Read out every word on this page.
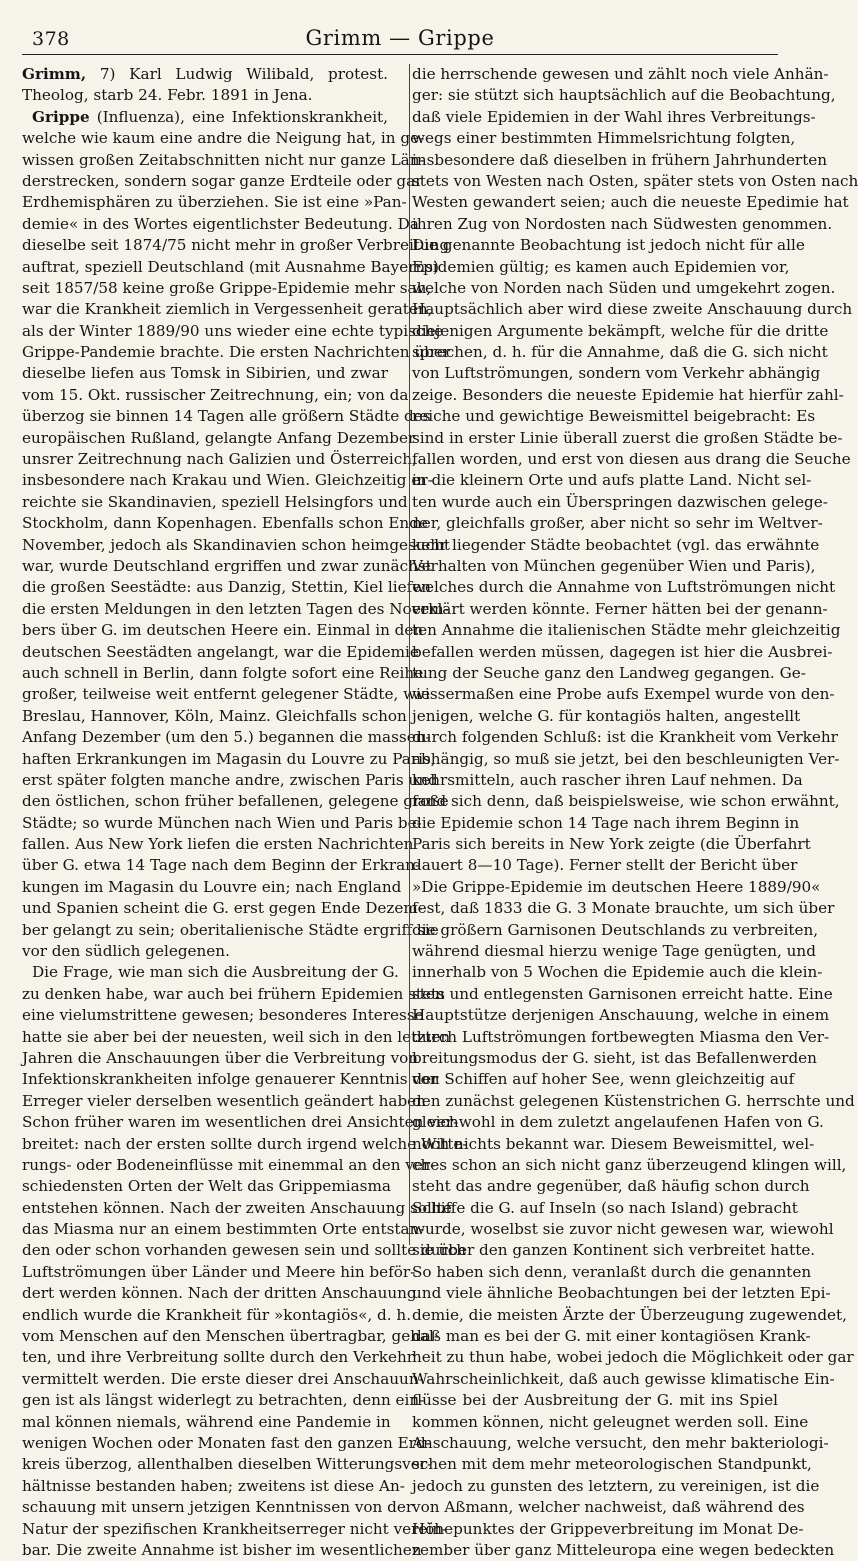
378	Grimm — Grippe
Grimm, 7) Karl Ludwig Wilibald, protest.
Theolog, starb 24. Febr. 1891 in Jena.
Grippe (Influenza), eine Infektionskrankheit,
welche wie kaum eine andre die Neigung hat, in ge-
wissen großen Zeitabschnitten nicht nur ganze Län-
derstrecken, sondern sogar ganze Erdteile oder gar
Erdhemisphären zu überziehen. Sie ist eine »Pan-
demie« in des Wortes eigentlichster Bedeutung. Da
dieselbe seit 1874/75 nicht mehr in großer Verbreitung
auftrat, speziell Deutschland (mit Ausnahme Bayerns)
seit 1857/58 keine große Grippe-Epidemie mehr sah,
war die Krankheit ziemlich in Vergessenheit geraten,
als der Winter 1889/90 uns wieder eine echte typische
Grippe-Pandemie brachte. Die ersten Nachrichten über
dieselbe liefen aus Tomsk in Sibirien, und zwar
vom 15. Okt. russischer Zeitrechnung, ein; von da
überzog sie binnen 14 Tagen alle größern Städte des
europäischen Rußland, gelangte Anfang Dezember
unsrer Zeitrechnung nach Galizien und Österreich,
insbesondere nach Krakau und Wien. Gleichzeitig er-
reichte sie Skandinavien, speziell Helsingfors und
Stockholm, dann Kopenhagen. Ebenfalls schon Ende
November, jedoch als Skandinavien schon heimgesucht
war, wurde Deutschland ergriffen und zwar zunächst
die großen Seestädte: aus Danzig, Stettin, Kiel liefen
die ersten Meldungen in den letzten Tagen des Novem-
bers über G. im deutschen Heere ein. Einmal in den
deutschen Seestädten angelangt, war die Epidemie
auch schnell in Berlin, dann folgte sofort eine Reihe
großer, teilweise weit entfernt gelegener Städte, wie
Breslau, Hannover, Köln, Mainz. Gleichfalls schon
Anfang Dezember (um den 5.) begannen die massen-
haften Erkrankungen im Magasin du Louvre zu Paris,
erst später folgten manche andre, zwischen Paris und
den östlichen, schon früher befallenen, gelegene große
Städte; so wurde München nach Wien und Paris be-
fallen. Aus New York liefen die ersten Nachrichten
über G. etwa 14 Tage nach dem Beginn der Erkran-
kungen im Magasin du Louvre ein; nach England
und Spanien scheint die G. erst gegen Ende Dezem-
ber gelangt zu sein; oberitalienische Städte ergriff sie
vor den südlich gelegenen.
Die Frage, wie man sich die Ausbreitung der G.
zu denken habe, war auch bei frühern Epidemien stets
eine vielumstrittene gewesen; besonderes Interesse
hatte sie aber bei der neuesten, weil sich in den letzten
Jahren die Anschauungen über die Verbreitung von
Infektionskrankheiten infolge genauerer Kenntnis der
Erreger vieler derselben wesentlich geändert haben
Schon früher waren im wesentlichen drei Ansichten ver-
breitet: nach der ersten sollte durch irgend welche Witte-
rungs- oder Bodeneinflüsse mit einemmal an den ver-
schiedensten Orten der Welt das Grippemiasma
entstehen können. Nach der zweiten Anschauung sollte
das Miasma nur an einem bestimmten Orte entstan-
den oder schon vorhanden gewesen sein und sollte durch
Luftströmungen über Länder und Meere hin beför-
dert werden können. Nach der dritten Anschauung
endlich wurde die Krankheit für »kontagiös«, d. h.
vom Menschen auf den Menschen übertragbar, gehal-
ten, und ihre Verbreitung sollte durch den Verkehr
vermittelt werden. Die erste dieser drei Anschauun-
gen ist als längst widerlegt zu betrachten, denn ein-
mal können niemals, während eine Pandemie in
wenigen Wochen oder Monaten fast den ganzen Erd-
kreis überzog, allenthalben dieselben Witterungsver-
hältnisse bestanden haben; zweitens ist diese An-
schauung mit unsern jetzigen Kenntnissen von der
Natur der spezifischen Krankheitserreger nicht verein-
bar. Die zweite Annahme ist bisher im wesentlichen
die herrschende gewesen und zählt noch viele Anhän-
ger: sie stützt sich hauptsächlich auf die Beobachtung,
daß viele Epidemien in der Wahl ihres Verbreitungs-
wegs einer bestimmten Himmelsrichtung folgten,
insbesondere daß dieselben in frühern Jahrhunderten
stets von Westen nach Osten, später stets von Osten nach
Westen gewandert seien; auch die neueste Epedimie hat
ihren Zug von Nordosten nach Südwesten genommen.
Die genannte Beobachtung ist jedoch nicht für alle
Epidemien gültig; es kamen auch Epidemien vor,
welche von Norden nach Süden und umgekehrt zogen.
Hauptsächlich aber wird diese zweite Anschauung durch
diejenigen Argumente bekämpft, welche für die dritte
sprechen, d. h. für die Annahme, daß die G. sich nicht
von Luftströmungen, sondern vom Verkehr abhängig
zeige. Besonders die neueste Epidemie hat hierfür zahl-
reiche und gewichtige Beweismittel beigebracht: Es
sind in erster Linie überall zuerst die großen Städte be-
fallen worden, und erst von diesen aus drang die Seuche
in die kleinern Orte und aufs platte Land. Nicht sel-
ten wurde auch ein Überspringen dazwischen gelege-
ner, gleichfalls großer, aber nicht so sehr im Weltver-
kehr liegender Städte beobachtet (vgl. das erwähnte
Verhalten von München gegenüber Wien und Paris),
welches durch die Annahme von Luftströmungen nicht
erklärt werden könnte. Ferner hätten bei der genann-
ten Annahme die italienischen Städte mehr gleichzeitig
befallen werden müssen, dagegen ist hier die Ausbrei-
tung der Seuche ganz den Landweg gegangen. Ge-
wissermaßen eine Probe aufs Exempel wurde von den-
jenigen, welche G. für kontagiös halten, angestellt
durch folgenden Schluß: ist die Krankheit vom Verkehr
abhängig, so muß sie jetzt, bei den beschleunigten Ver-
kehrsmitteln, auch rascher ihren Lauf nehmen. Da
fand sich denn, daß beispielsweise, wie schon erwähnt,
die Epidemie schon 14 Tage nach ihrem Beginn in
Paris sich bereits in New York zeigte (die Überfahrt
dauert 8—10 Tage). Ferner stellt der Bericht über
»Die Grippe-Epidemie im deutschen Heere 1889/90«
fest, daß 1833 die G. 3 Monate brauchte, um sich über
die größern Garnisonen Deutschlands zu verbreiten,
während diesmal hierzu wenige Tage genügten, und
innerhalb von 5 Wochen die Epidemie auch die klein-
sten und entlegensten Garnisonen erreicht hatte. Eine
Hauptstütze derjenigen Anschauung, welche in einem
durch Luftströmungen fortbewegten Miasma den Ver-
breitungsmodus der G. sieht, ist das Befallenwerden
von Schiffen auf hoher See, wenn gleichzeitig auf
den zunächst gelegenen Küstenstrichen G. herrschte und
gleichwohl in dem zuletzt angelaufenen Hafen von G.
noch nichts bekannt war. Diesem Beweismittel, wel-
ches schon an sich nicht ganz überzeugend klingen will,
steht das andre gegenüber, daß häufig schon durch
Schiffe die G. auf Inseln (so nach Island) gebracht
wurde, woselbst sie zuvor nicht gewesen war, wiewohl
sie über den ganzen Kontinent sich verbreitet hatte.
So haben sich denn, veranlaßt durch die genannten
und viele ähnliche Beobachtungen bei der letzten Epi-
demie, die meisten Ärzte der Überzeugung zugewendet,
daß man es bei der G. mit einer kontagiösen Krank-
heit zu thun habe, wobei jedoch die Möglichkeit oder gar
Wahrscheinlichkeit, daß auch gewisse klimatische Ein-
flüsse bei der Ausbreitung der G. mit ins Spiel
kommen können, nicht geleugnet werden soll. Eine
Anschauung, welche versucht, den mehr bakteriologi-
schen mit dem mehr meteorologischen Standpunkt,
jedoch zu gunsten des letztern, zu vereinigen, ist die
von Aßmann, welcher nachweist, daß während des
Höhepunktes der Grippeverbreitung im Monat De-
zember über ganz Mitteleuropa eine wegen bedeckten
